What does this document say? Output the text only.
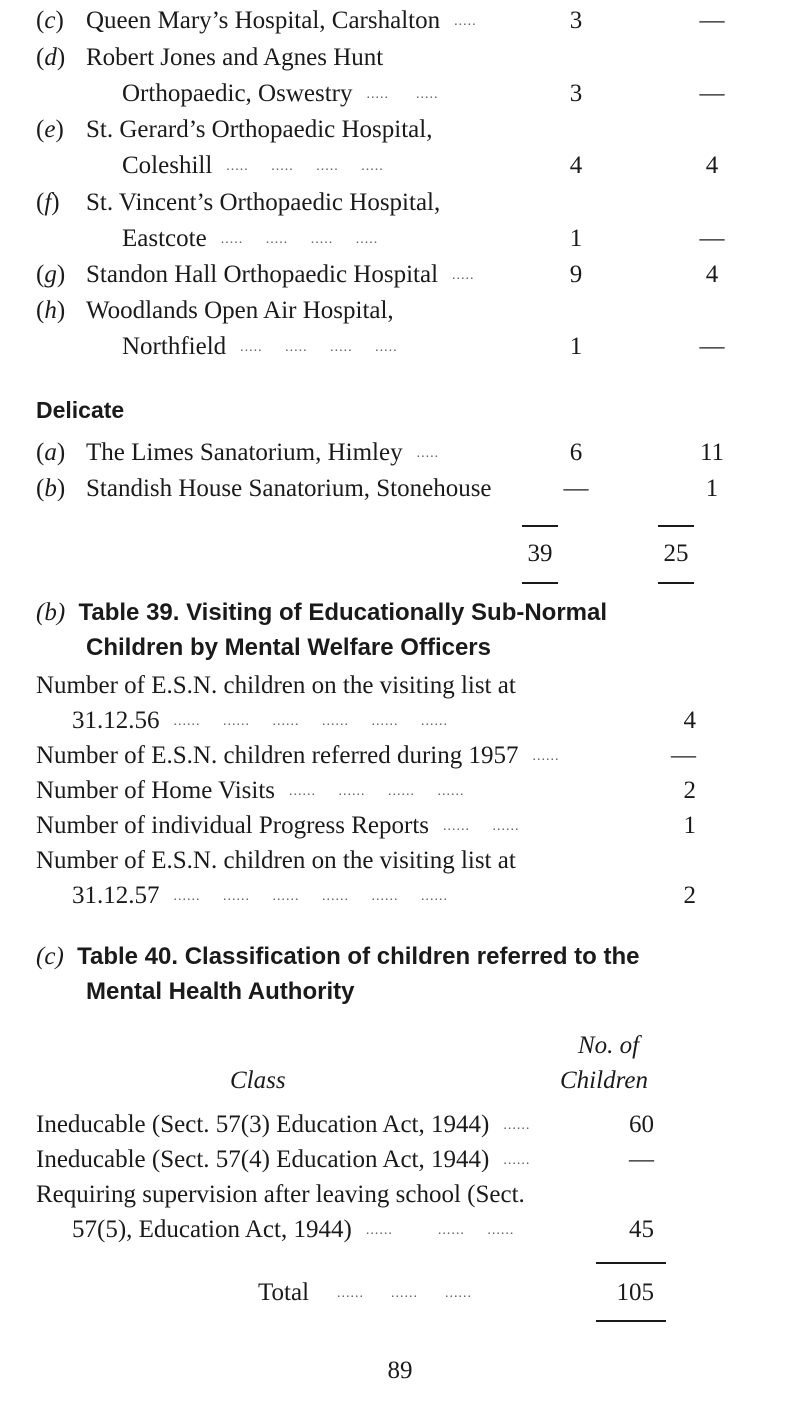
(c) Queen Mary’s Hospital, Carshalton .....	3	—
(d) Robert Jones and Agnes Hunt
Orthopaedic, Oswestry .....      .....	3	—
(e) St. Gerard’s Orthopaedic Hospital,
Coleshill .....     .....     .....     .....	4	4
(f)	St. Vincent’s Orthopaedic Hospital,
Eastcote .....     .....     .....     .....	1	—
(g) Standon Hall Orthopaedic Hospital .....	9	4
(h) Woodlands Open Air Hospital,
Northfield .....     .....     .....     .....	1	—
Delicate
(a) The Limes Sanatorium, Himley .....	6	11
(b) Standish House Sanatorium, Stonehouse	—	1
39	25
(b) Table 39. Visiting of Educationally Sub-Normal
Children by Mental Welfare Officers
Number of E.S.N. children on the visiting list at
31.12.56 ......     ......     ......     ......     ......     ......	4
Number of E.S.N. children referred during 1957 ......	—
Number of Home Visits ......     ......     ......     ......	2
Number of individual Progress Reports ......     ......	1
Number of E.S.N. children on the visiting list at
31.12.57 ......     ......     ......     ......     ......     ......	2
(c) Table 40. Classification of children referred to the
Mental Health Authority
No. of
Class	Children
Ineducable (Sect. 57(3) Education Act, 1944) ......	60
Ineducable (Sect. 57(4) Education Act, 1944) ......	—
Requiring supervision after leaving school (Sect.
57(5), Education Act, 1944) ......          ......     ......	45
Total ......      ......      ......	105
89
